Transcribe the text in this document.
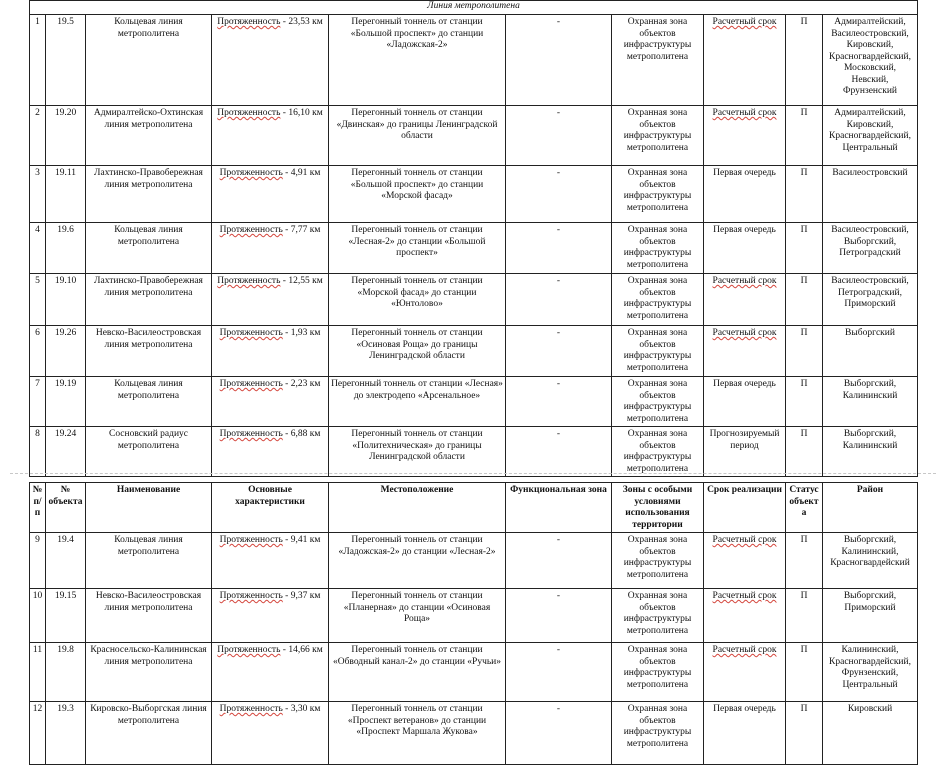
Линия метрополитена									
1	19.5	Кольцевая линия метрополитена	Протяженность - 23,53 км	Перегонный тоннель от станции «Большой проспект» до станции «Ладожская-2»	-	Охранная зона объектов инфраструктуры метрополитена	Расчетный срок	П	Адмиралтейский, Василеостровский, Кировский, Красногвардейский, Московский, Невский, Фрунзенский
2	19.20	Адмиралтейско-Охтинская линия метрополитена	Протяженность - 16,10 км	Перегонный тоннель от станции «Двинская» до границы Ленинградской области	-	Охранная зона объектов инфраструктуры метрополитена	Расчетный срок	П	Адмиралтейский, Кировский, Красногвардейский, Центральный
3	19.11	Лахтинско-Правобережная линия метрополитена	Протяженность - 4,91 км	Перегонный тоннель от станции «Большой проспект» до станции «Морской фасад»	-	Охранная зона объектов инфраструктуры метрополитена	Первая очередь	П	Василеостровский
4	19.6	Кольцевая линия метрополитена	Протяженность - 7,77 км	Перегонный тоннель от станции «Лесная-2» до станции «Большой проспект»	-	Охранная зона объектов инфраструктуры метрополитена	Первая очередь	П	Василеостровский, Выборгский, Петроградский
5	19.10	Лахтинско-Правобережная линия метрополитена	Протяженность - 12,55 км	Перегонный тоннель от станции «Морской фасад» до станции «Юнтолово»	-	Охранная зона объектов инфраструктуры метрополитена	Расчетный срок	П	Василеостровский, Петроградский, Приморский
6	19.26	Невско-Василеостровская линия метрополитена	Протяженность - 1,93 км	Перегонный тоннель от станции «Осиновая Роща» до границы Ленинградской области	-	Охранная зона объектов инфраструктуры метрополитена	Расчетный срок	П	Выборгский
7	19.19	Кольцевая линия метрополитена	Протяженность - 2,23 км	Перегонный тоннель от станции «Лесная» до электродепо «Арсенальное»	-	Охранная зона объектов инфраструктуры метрополитена	Первая очередь	П	Выборгский, Калининский
8	19.24	Сосновский радиус метрополитена	Протяженность - 6,88 км	Перегонный тоннель от станции «Политехническая» до границы Ленинградской области	-	Охранная зона объектов инфраструктуры метрополитена	Прогнозируемый период	П	Выборгский, Калининский
№ п/п	№ объекта	Наименование	Основные характеристики	Местоположение	Функциональная зона	Зоны с особыми условиями использования территории	Срок реализации	Статус объекта	Район
9	19.4	Кольцевая линия метрополитена	Протяженность - 9,41 км	Перегонный тоннель от станции «Ладожская-2» до станции «Лесная-2»	-	Охранная зона объектов инфраструктуры метрополитена	Расчетный срок	П	Выборгский, Калининский, Красногвардейский
10	19.15	Невско-Василеостровская линия метрополитена	Протяженность - 9,37 км	Перегонный тоннель от станции «Планерная» до станции «Осиновая Роща»	-	Охранная зона объектов инфраструктуры метрополитена	Расчетный срок	П	Выборгский, Приморский
11	19.8	Красносельско-Калининская линия метрополитена	Протяженность - 14,66 км	Перегонный тоннель от станции «Обводный канал-2» до станции «Ручьи»	-	Охранная зона объектов инфраструктуры метрополитена	Расчетный срок	П	Калининский, Красногвардейский, Фрунзенский, Центральный
12	19.3	Кировско-Выборгская линия метрополитена	Протяженность - 3,30 км	Перегонный тоннель от станции «Проспект ветеранов» до станции «Проспект Маршала Жукова»	-	Охранная зона объектов инфраструктуры метрополитена	Первая очередь	П	Кировский
